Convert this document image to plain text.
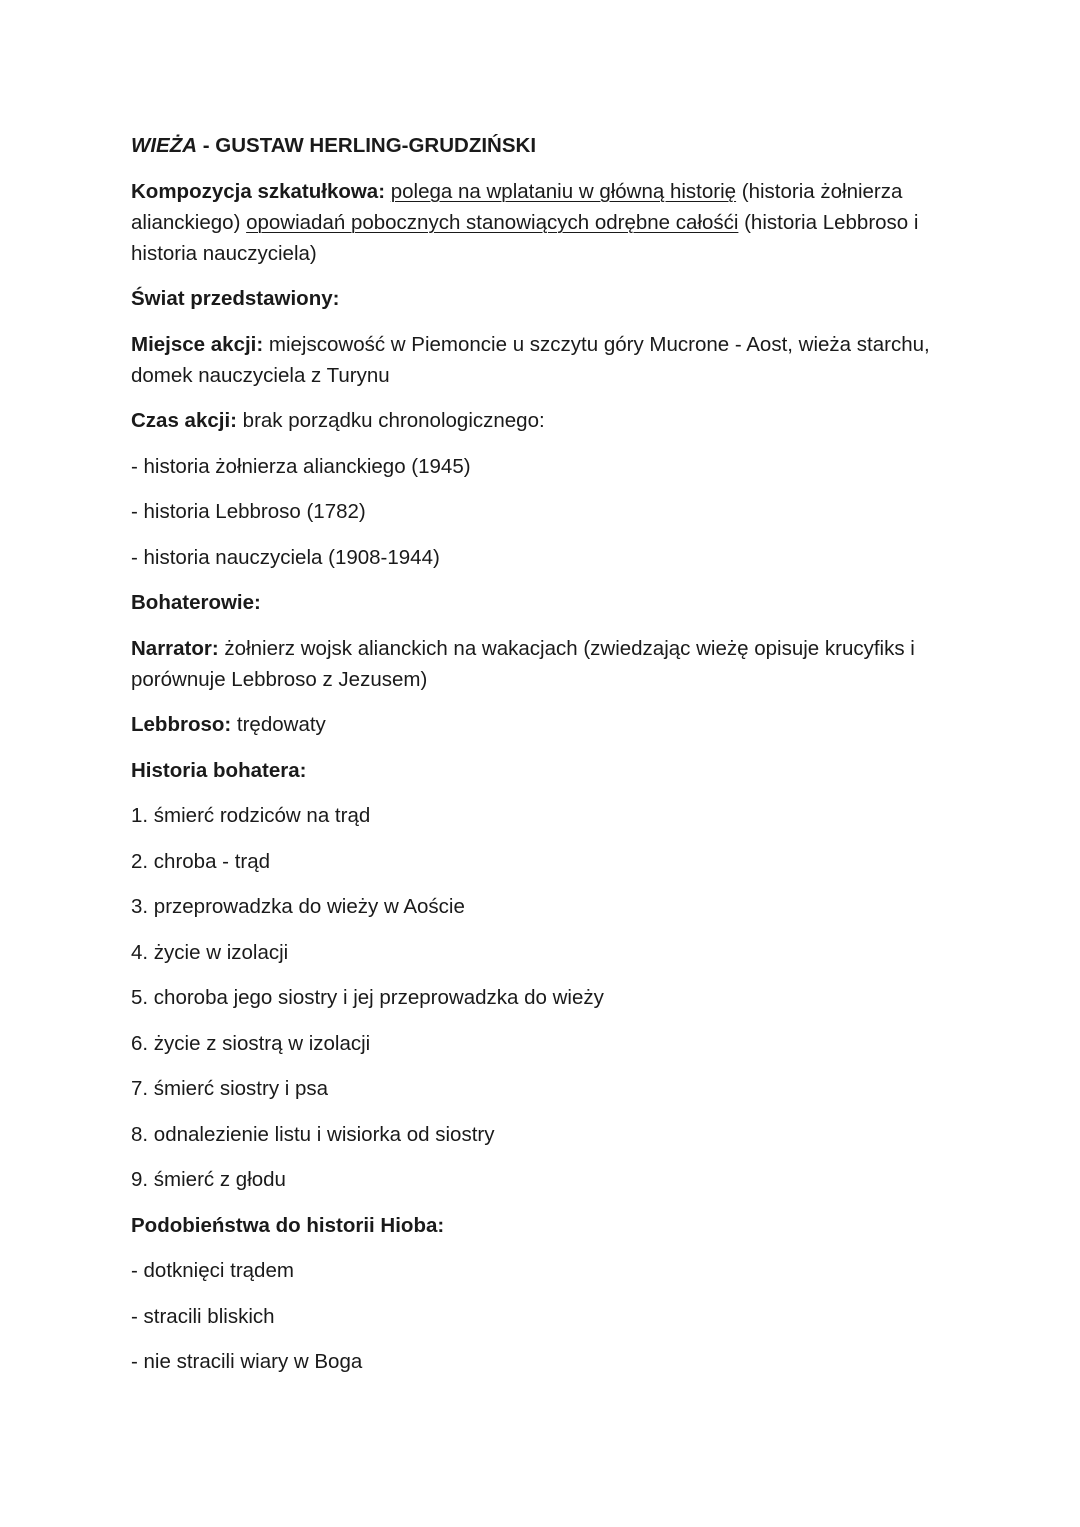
WIEŻA - GUSTAW HERLING-GRUDZIŃSKI

Kompozycja szkatułkowa: polega na wplataniu w główną historię (historia żołnierza alianckiego) opowiadań pobocznych stanowiących odrębne całośći (historia Lebbroso i historia nauczyciela)

Świat przedstawiony:

Miejsce akcji: miejscowość w Piemoncie u szczytu góry Mucrone - Aost, wieża starchu, domek nauczyciela z Turynu

Czas akcji: brak porządku chronologicznego:

- historia żołnierza alianckiego (1945)

- historia Lebbroso (1782)

- historia nauczyciela (1908-1944)

Bohaterowie:

Narrator: żołnierz wojsk alianckich na wakacjach (zwiedzając wieżę opisuje krucyfiks i porównuje Lebbroso z Jezusem)

Lebbroso: trędowaty

Historia bohatera:

1. śmierć rodziców na trąd

2. chroba - trąd

3. przeprowadzka do wieży w Aoście

4. życie w izolacji

5. choroba jego siostry i jej przeprowadzka do wieży

6. życie z siostrą w izolacji

7. śmierć siostry i psa

8. odnalezienie listu i wisiorka od siostry

9. śmierć z głodu

Podobieństwa do historii Hioba:

- dotknięci trądem

- stracili bliskich

- nie stracili wiary w Boga
